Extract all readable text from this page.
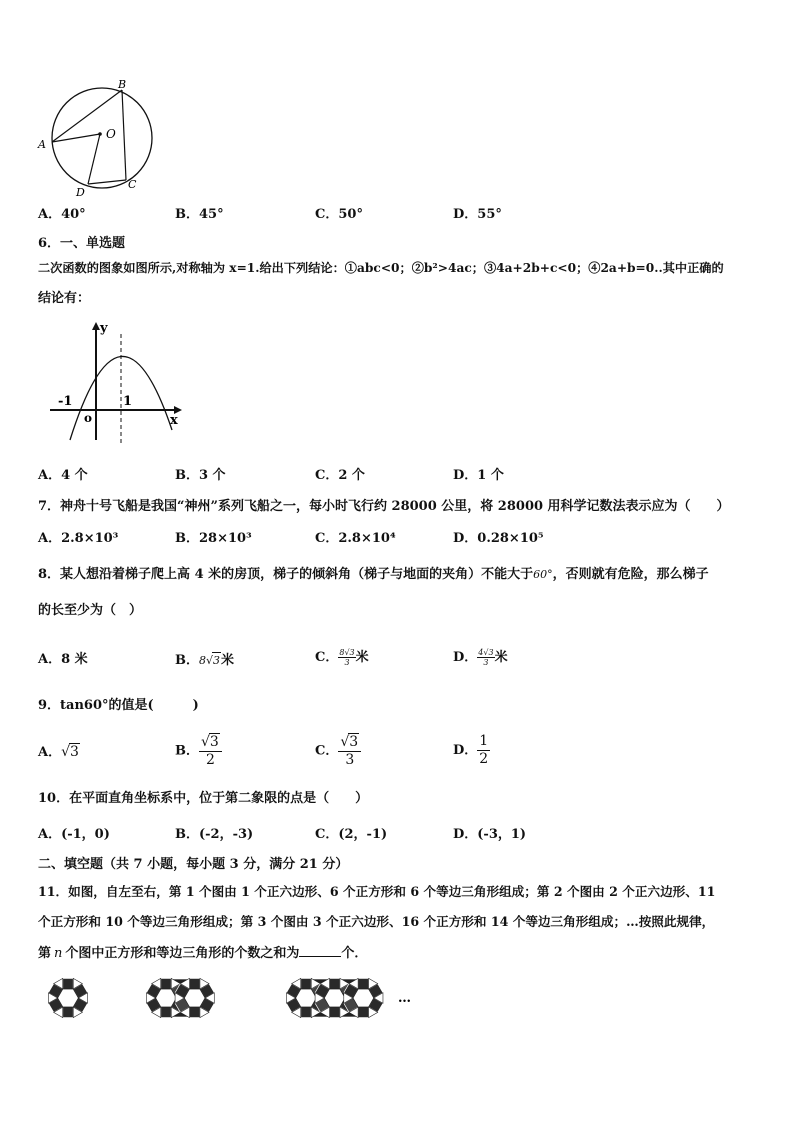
B
A
O
D
C
A．40°	B．45°	C．50°	D．55°
6．一、单选题
二次函数的图象如图所示,对称轴为 x=1.给出下列结论：①abc<0；②b²>4ac；③4a+2b+c<0；④2a+b=0..其中正确的
结论有：
y
x
o
-1	1
A．4 个	B．3 个	C．2 个	D．1 个
7．神舟十号飞船是我国“神州”系列飞船之一，每小时飞行约 28000 公里，将 28000 用科学记数法表示应为（　　）
A．2.8×10³	B．28×10³	C．2.8×10⁴	D．0.28×10⁵
8．某人想沿着梯子爬上高 4 米的房顶，梯子的倾斜角（梯子与地面的夹角）不能大于60°，否则就有危险，那么梯子
的长至少为（　）
A．8 米	B．8√3米	C． $\frac{8√3}{3}$ 米	D． $\frac{4√3}{3}$ 米
9．tan60°的值是(　　　)
A．√3	B． $\frac{√3}{2}$	C． $\frac{√3}{3}$	D． $\frac{1}{2}$
10．在平面直角坐标系中，位于第二象限的点是（　　）
A．(-1，0)	B．(-2，-3)	C．(2，-1)	D．(-3，1)
二、填空题（共 7 小题，每小题 3 分，满分 21 分）
11．如图，自左至右，第 1 个图由 1 个正六边形、6 个正方形和 6 个等边三角形组成；第 2 个图由 2 个正六边形、11
个正方形和 10 个等边三角形组成；第 3 个图由 3 个正六边形、16 个正方形和 14 个等边三角形组成；…按照此规律，
第 n 个图中正方形和等边三角形的个数之和为	个．
…
